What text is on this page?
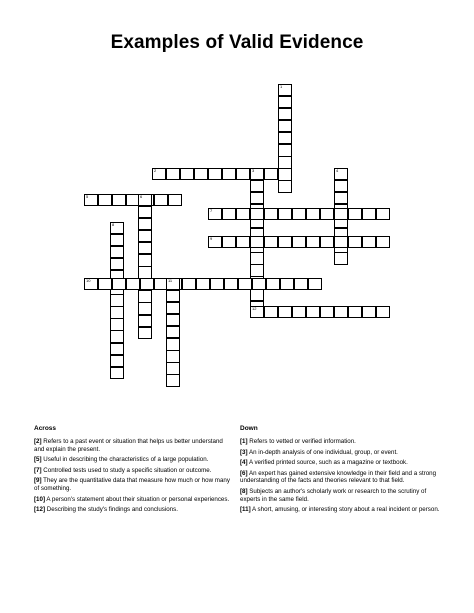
Examples of Valid Evidence
1
2	3	4
5	6
7
8
9
10	11
12
Across
[2] Refers to a past event or situation that helps us better understand and explain the present.
[5] Useful in describing the characteristics of a large population.
[7] Controlled tests used to study a specific situation or outcome.
[9] They are the quantitative data that measure how much or how many of something.
[10] A person's statement about their situation or personal experiences.
[12] Describing the study's findings and conclusions.
Down
[1] Refers to vetted or verified information.
[3] An in-depth analysis of one individual, group, or event.
[4] A verified printed source, such as a magazine or textbook.
[6] An expert has gained extensive knowledge in their field and a strong understanding of the facts and theories relevant to that field.
[8] Subjects an author's scholarly work or research to the scrutiny of experts in the same field.
[11] A short, amusing, or interesting story about a real incident or person.
